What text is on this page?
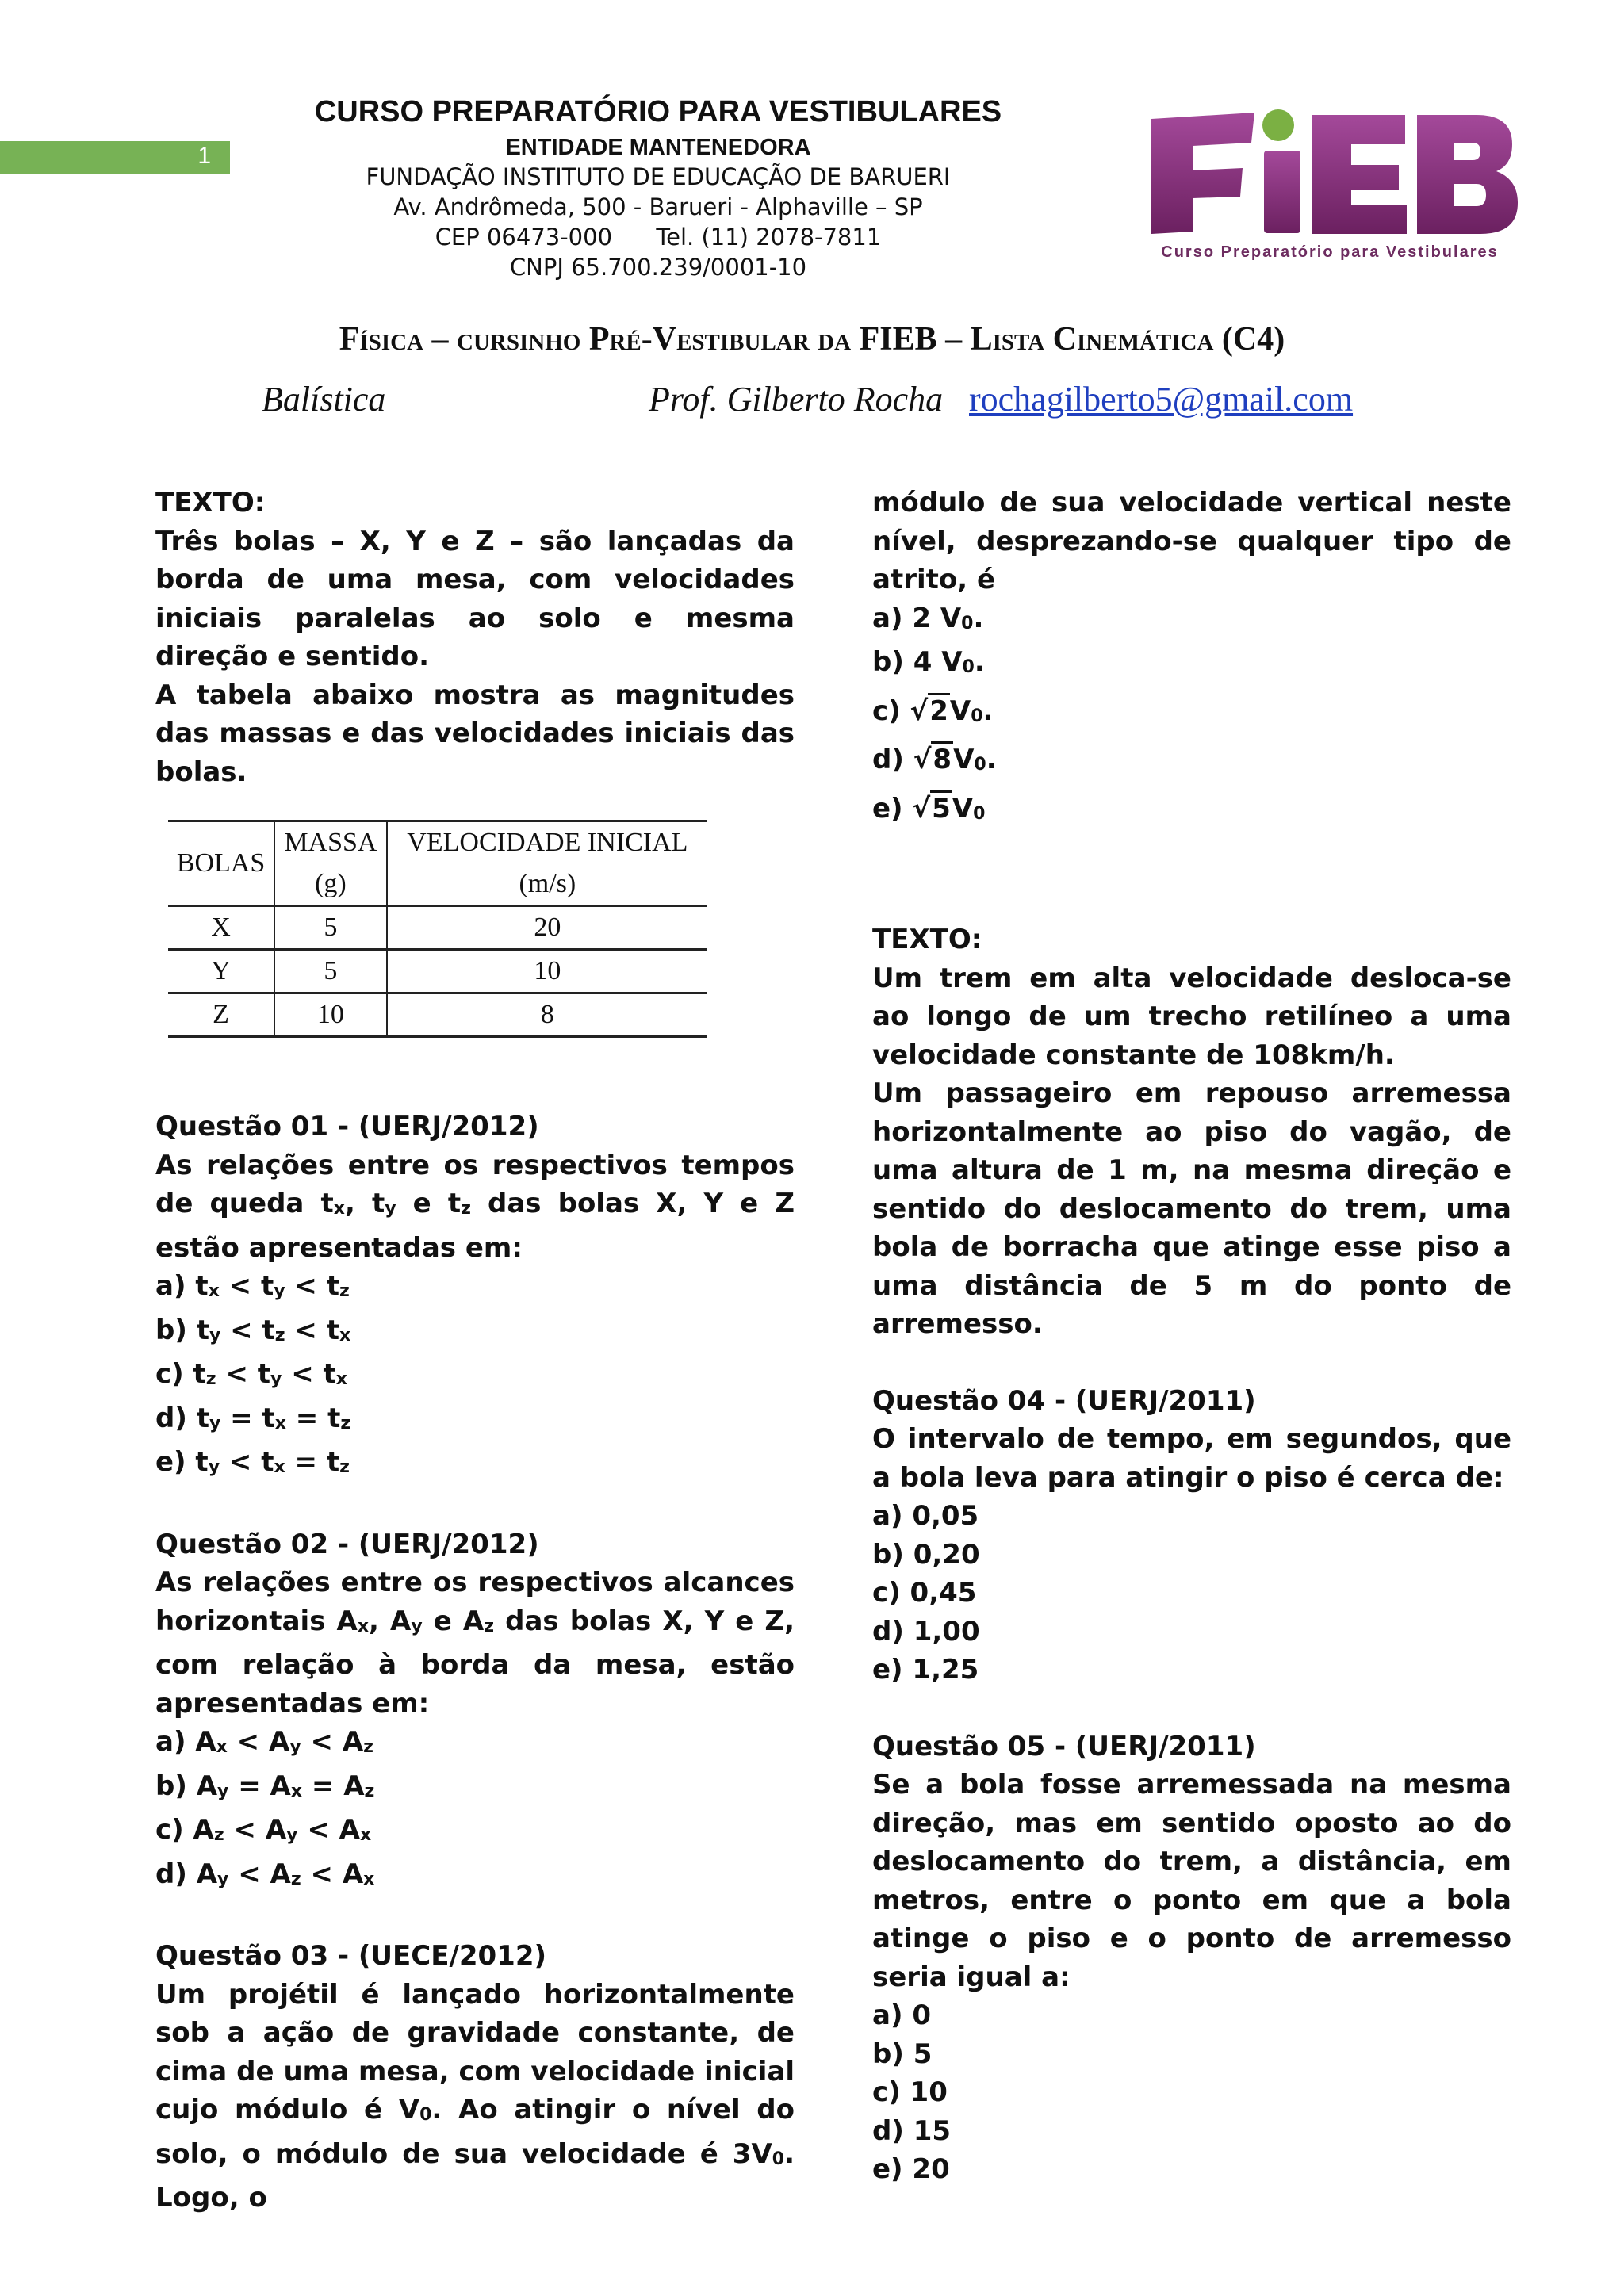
1
CURSO PREPARATÓRIO PARA VESTIBULARES
ENTIDADE MANTENEDORA
FUNDAÇÃO INSTITUTO DE EDUCAÇÃO DE BARUERI
Av. Andrômeda, 500 - Barueri - Alphaville – SP
CEP 06473-000      Tel. (11) 2078-7811
CNPJ 65.700.239/0001-10	FIEB
Curso Preparatório para Vestibulares
Física – cursinho Pré-Vestibular da FIEB – Lista Cinemática (C4)
Balística	Prof. Gilberto Rocha rochagilberto5@gmail.com

TEXTO:

Três bolas – X, Y e Z – são lançadas da borda de uma mesa, com velocidades iniciais paralelas ao solo e mesma direção e sentido.

A tabela abaixo mostra as magnitudes das massas e das velocidades iniciais das bolas.

BOLAS	MASSA	VELOCIDADE INICIAL
	(g)	(m/s)
X	5	20
Y	5	10
Z	10	8

Questão 01 - (UERJ/2012)

As relações entre os respectivos tempos de queda $t_x$, $t_y$ e $t_z$ das bolas X, Y e Z estão apresentadas em:

a) $t_x < t_y < t_z$

b) $t_y < t_z < t_x$

c) $t_z < t_y < t_x$

d) $t_y = t_x = t_z$

e) $t_y < t_x = t_z$

Questão 02 - (UERJ/2012)

As relações entre os respectivos alcances horizontais $A_x$, $A_y$ e $A_z$ das bolas X, Y e Z, com relação à borda da mesa, estão apresentadas em:

a) $A_x < A_y < A_z$

b) $A_y = A_x = A_z$

c) $A_z < A_y < A_x$

d) $A_y < A_z < A_x$

Questão 03 - (UECE/2012)

Um projétil é lançado horizontalmente sob a ação de gravidade constante, de cima de uma mesa, com velocidade inicial cujo módulo é $V_0$. Ao atingir o nível do solo, o módulo de sua velocidade é $3V_0$. Logo, o

módulo de sua velocidade vertical neste nível, desprezando-se qualquer tipo de atrito, é

a) 2 $V_0$.

b) 4 $V_0$.

c) $√2V_0$.

d) $√8V_0$.

e) $√5V_0$

TEXTO:

Um trem em alta velocidade desloca-se ao longo de um trecho retilíneo a uma velocidade constante de 108km/h.

Um passageiro em repouso arremessa horizontalmente ao piso do vagão, de uma altura de 1 m, na mesma direção e sentido do deslocamento do trem, uma bola de borracha que atinge esse piso a uma distância de 5 m do ponto de arremesso.

Questão 04 - (UERJ/2011)

O intervalo de tempo, em segundos, que a bola leva para atingir o piso é cerca de:

a) 0,05

b) 0,20

c) 0,45

d) 1,00

e) 1,25

Questão 05 - (UERJ/2011)

Se a bola fosse arremessada na mesma direção, mas em sentido oposto ao do deslocamento do trem, a distância, em metros, entre o ponto em que a bola atinge o piso e o ponto de arremesso seria igual a:

a) 0

b) 5

c) 10

d) 15

e) 20
